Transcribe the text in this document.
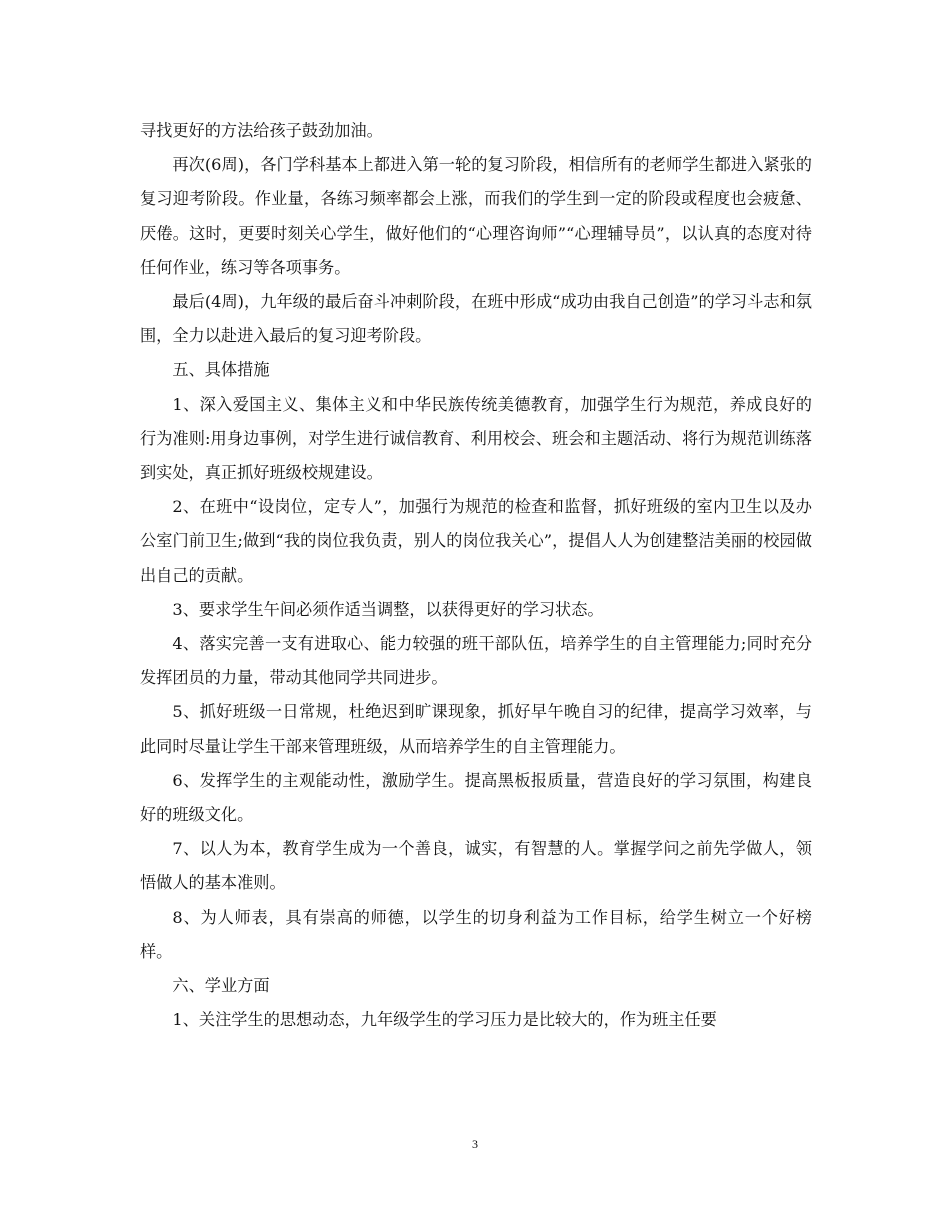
寻找更好的方法给孩子鼓劲加油。

再次(6周)，各门学科基本上都进入第一轮的复习阶段，相信所有的老师学生都进入紧张的复习迎考阶段。作业量，各练习频率都会上涨，而我们的学生到一定的阶段或程度也会疲惫、厌倦。这时，更要时刻关心学生，做好他们的“心理咨询师”“心理辅导员”，以认真的态度对待任何作业，练习等各项事务。

最后(4周)，九年级的最后奋斗冲刺阶段，在班中形成“成功由我自己创造”的学习斗志和氛围，全力以赴进入最后的复习迎考阶段。

五、具体措施

1、深入爱国主义、集体主义和中华民族传统美德教育，加强学生行为规范，养成良好的行为准则:用身边事例，对学生进行诚信教育、利用校会、班会和主题活动、将行为规范训练落到实处，真正抓好班级校规建设。

2、在班中“设岗位，定专人”，加强行为规范的检查和监督，抓好班级的室内卫生以及办公室门前卫生;做到“我的岗位我负责，别人的岗位我关心”，提倡人人为创建整洁美丽的校园做出自己的贡献。

3、要求学生午间必须作适当调整，以获得更好的学习状态。

4、落实完善一支有进取心、能力较强的班干部队伍，培养学生的自主管理能力;同时充分发挥团员的力量，带动其他同学共同进步。

5、抓好班级一日常规，杜绝迟到旷课现象，抓好早午晚自习的纪律，提高学习效率，与此同时尽量让学生干部来管理班级，从而培养学生的自主管理能力。

6、发挥学生的主观能动性，激励学生。提高黑板报质量，营造良好的学习氛围，构建良好的班级文化。

7、以人为本，教育学生成为一个善良，诚实，有智慧的人。掌握学问之前先学做人，领悟做人的基本准则。

8、为人师表，具有崇高的师德，以学生的切身利益为工作目标，给学生树立一个好榜样。

六、学业方面

1、关注学生的思想动态，九年级学生的学习压力是比较大的，作为班主任要

3
